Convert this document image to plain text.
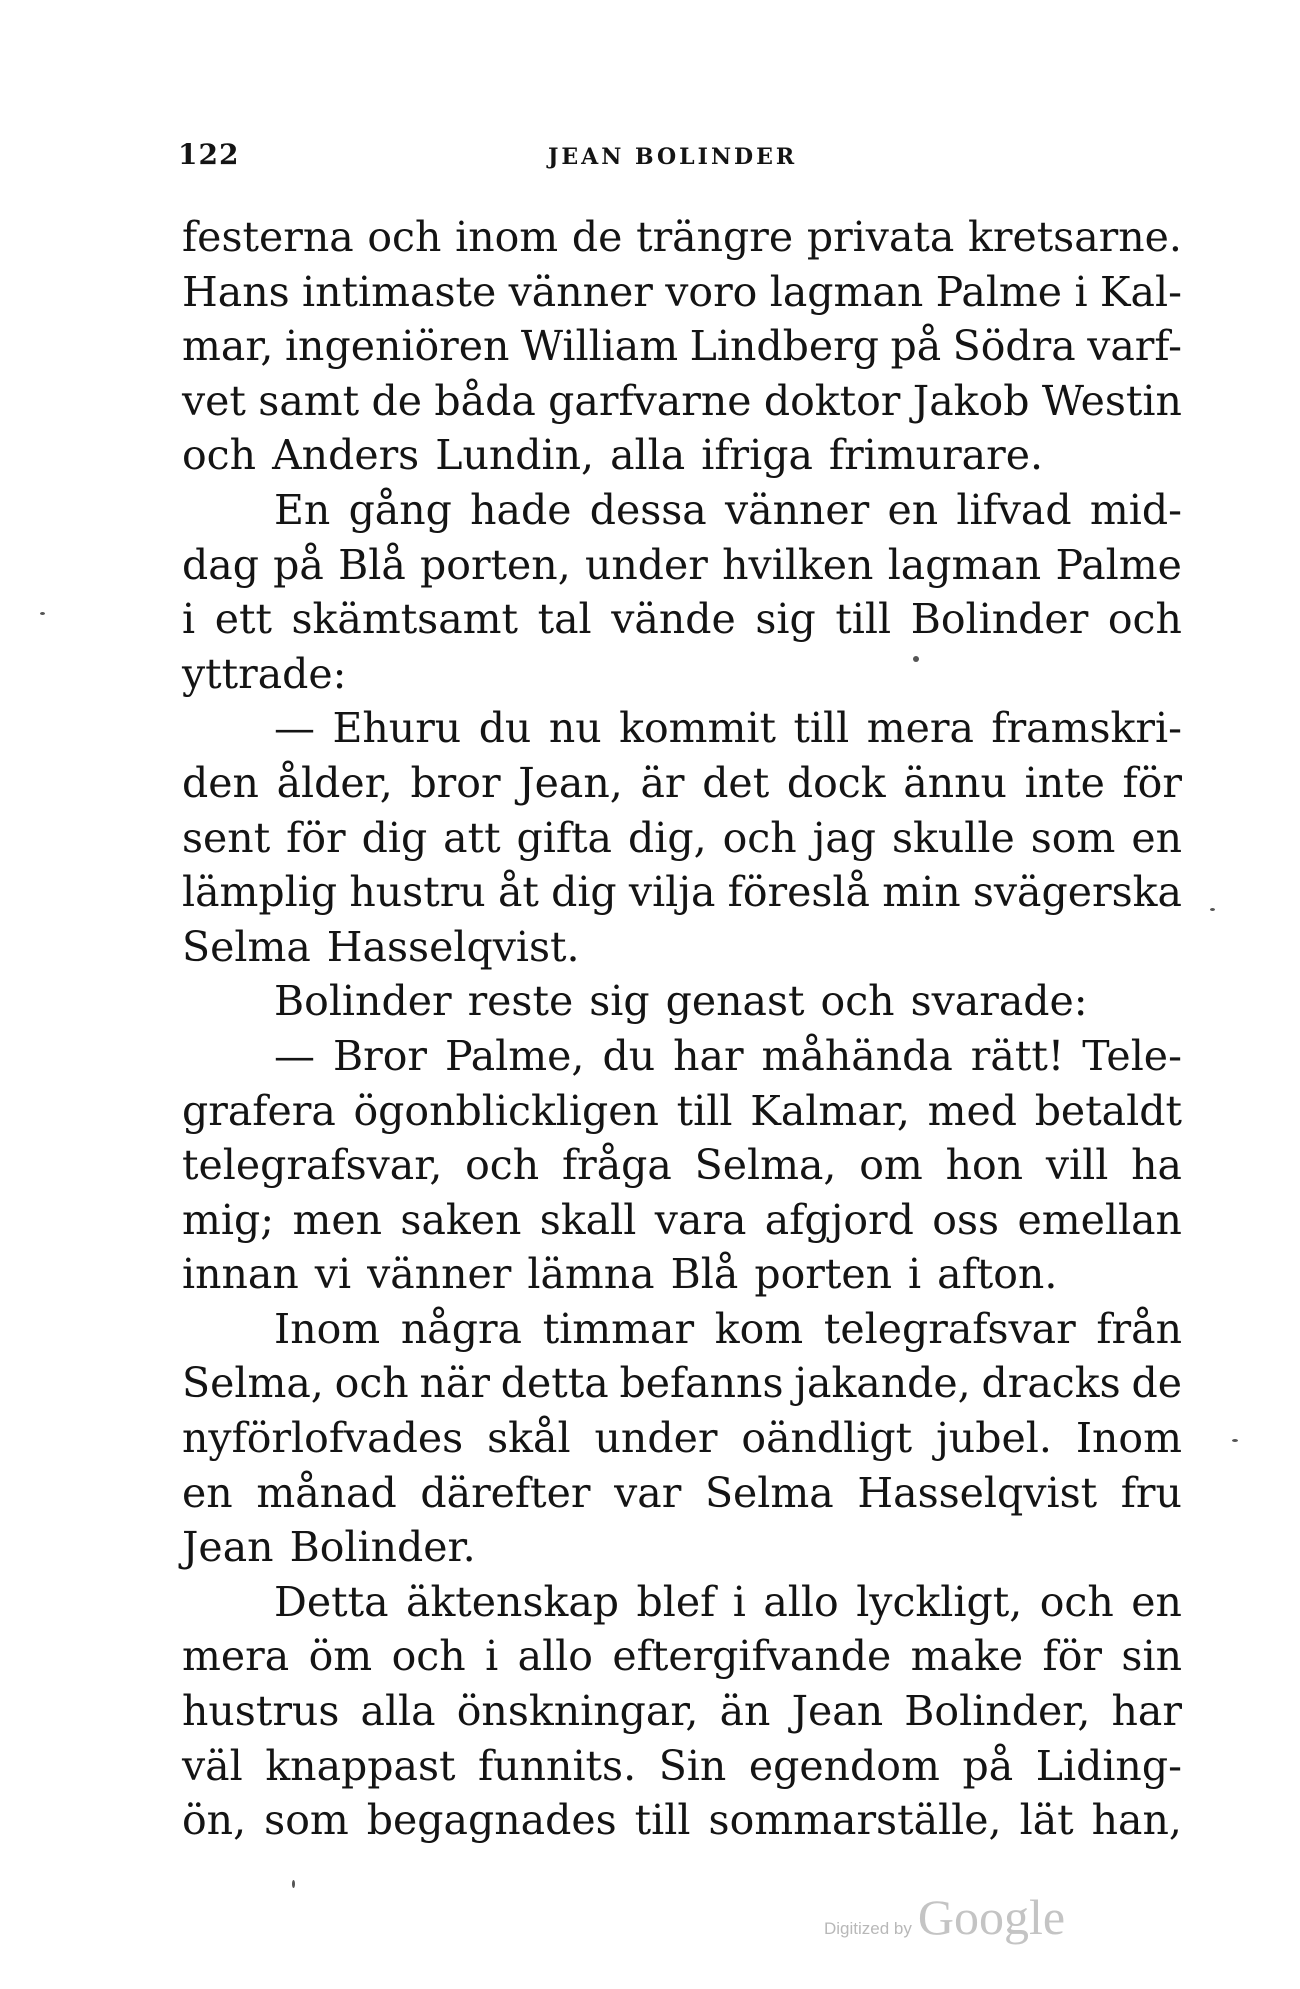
122	JEAN BOLINDER
festerna och inom de trängre privata kretsarne.
Hans intimaste vänner voro lagman Palme i Kal-
mar, ingeniören William Lindberg på Södra varf-
vet samt de båda garfvarne doktor Jakob Westin
och Anders Lundin, alla ifriga frimurare.
En gång hade dessa vänner en lifvad mid-
dag på Blå porten, under hvilken lagman Palme
i ett skämtsamt tal vände sig till Bolinder och
yttrade:
— Ehuru du nu kommit till mera framskri-
den ålder, bror Jean, är det dock ännu inte för
sent för dig att gifta dig, och jag skulle som en
lämplig hustru åt dig vilja föreslå min svägerska
Selma Hasselqvist.
Bolinder reste sig genast och svarade:
— Bror Palme, du har måhända rätt! Tele-
grafera ögonblickligen till Kalmar, med betaldt
telegrafsvar, och fråga Selma, om hon vill ha
mig; men saken skall vara afgjord oss emellan
innan vi vänner lämna Blå porten i afton.
Inom några timmar kom telegrafsvar från
Selma, och när detta befanns jakande, dracks de
nyförlofvades skål under oändligt jubel. Inom
en månad därefter var Selma Hasselqvist fru
Jean Bolinder.
Detta äktenskap blef i allo lyckligt, och en
mera öm och i allo eftergifvande make för sin
hustrus alla önskningar, än Jean Bolinder, har
väl knappast funnits. Sin egendom på Liding-
ön, som begagnades till sommarställe, lät han,
Digitized by Google
